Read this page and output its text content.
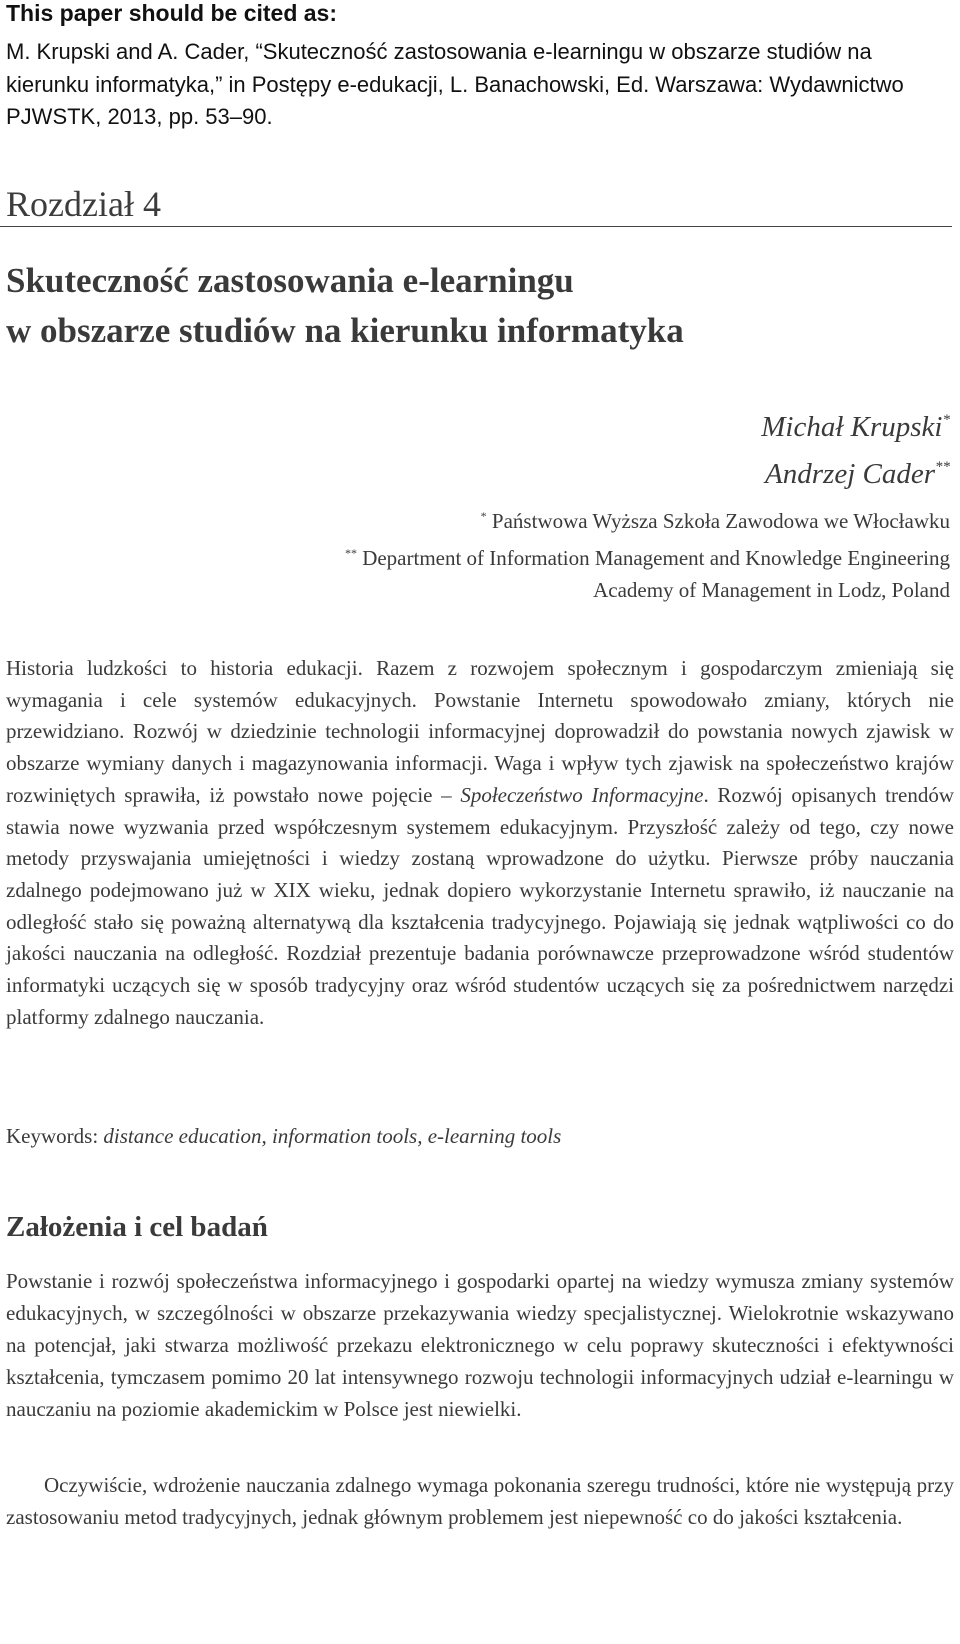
This paper should be cited as:
M. Krupski and A. Cader, “Skuteczność zastosowania e-learningu w obszarze studiów na kierunku informatyka,” in Postępy e-edukacji, L. Banachowski, Ed. Warszawa: Wydawnictwo PJWSTK, 2013, pp. 53–90.
Rozdział 4
Skuteczność zastosowania e-learningu
w obszarze studiów na kierunku informatyka
Michał Krupski*
Andrzej Cader**
* Państwowa Wyższa Szkoła Zawodowa we Włocławku
** Department of Information Management and Knowledge Engineering
Academy of Management in Lodz, Poland

Historia ludzkości to historia edukacji. Razem z rozwojem społecznym i gospodarczym zmieniają się wymagania i cele systemów edukacyjnych. Powstanie Internetu spowodowało zmiany, których nie przewidziano. Rozwój w dziedzinie technologii informacyjnej doprowadził do powstania nowych zjawisk w obszarze wymiany danych i magazynowania informacji. Waga i wpływ tych zjawisk na społeczeństwo krajów rozwiniętych sprawiła, iż powstało nowe pojęcie – Społeczeństwo Informacyjne. Rozwój opisanych trendów stawia nowe wyzwania przed współczesnym systemem edukacyjnym. Przyszłość zależy od tego, czy nowe metody przyswajania umiejętności i wiedzy zostaną wprowadzone do użytku. Pierwsze próby nauczania zdalnego podejmowano już w XIX wieku, jednak dopiero wykorzystanie Internetu sprawiło, iż nauczanie na odległość stało się poważną alternatywą dla kształcenia tradycyjnego. Pojawiają się jednak wątpliwości co do jakości nauczania na odległość. Rozdział prezentuje badania porównawcze przeprowadzone wśród studentów informatyki uczących się w sposób tradycyjny oraz wśród studentów uczących się za pośrednictwem narzędzi platformy zdalnego nauczania.

Keywords: distance education, information tools, e-learning tools
Założenia i cel badań

Powstanie i rozwój społeczeństwa informacyjnego i gospodarki opartej na wiedzy wymusza zmiany systemów edukacyjnych, w szczególności w obszarze przekazywania wiedzy specjalistycznej. Wielokrotnie wskazywano na potencjał, jaki stwarza możliwość przekazu elektronicznego w celu poprawy skuteczności i efektywności kształcenia, tymczasem pomimo 20 lat intensywnego rozwoju technologii informacyjnych udział e-learningu w nauczaniu na poziomie akademickim w Polsce jest niewielki.

Oczywiście, wdrożenie nauczania zdalnego wymaga pokonania szeregu trudności, które nie występują przy zastosowaniu metod tradycyjnych, jednak głównym problemem jest niepewność co do jakości kształcenia.
